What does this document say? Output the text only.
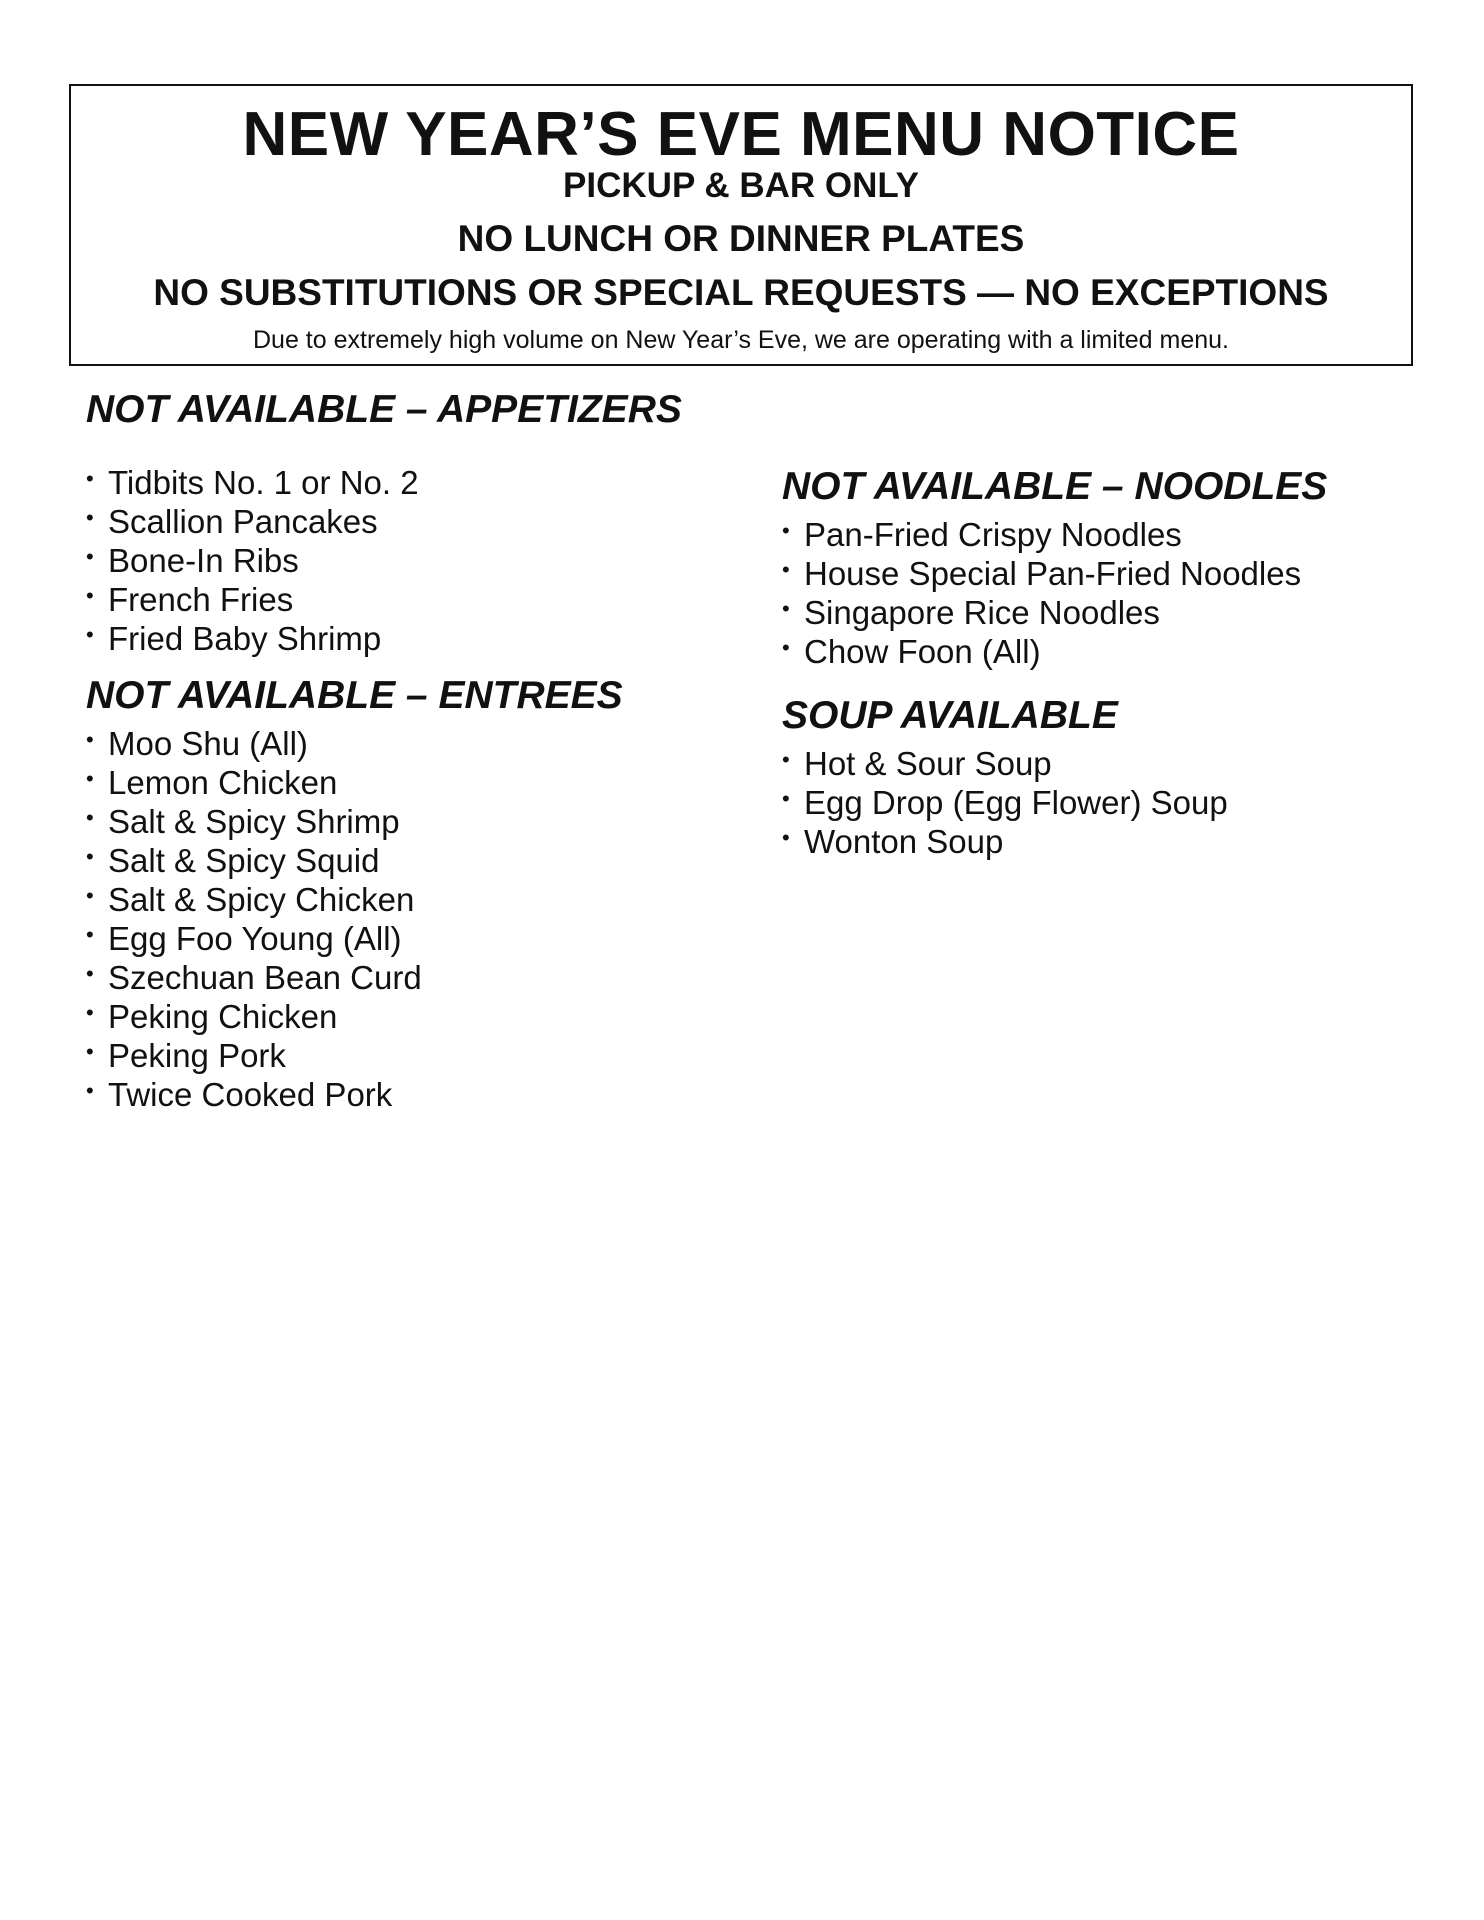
NEW YEAR’S EVE MENU NOTICE
PICKUP & BAR ONLY
NO LUNCH OR DINNER PLATES
NO SUBSTITUTIONS OR SPECIAL REQUESTS — NO EXCEPTIONS
Due to extremely high volume on New Year’s Eve, we are operating with a limited menu.
NOT AVAILABLE – APPETIZERS
• Tidbits No. 1 or No. 2
• Scallion Pancakes
• Bone-In Ribs
• French Fries
• Fried Baby Shrimp
NOT AVAILABLE – ENTREES
• Moo Shu (All)
• Lemon Chicken
• Salt & Spicy Shrimp
• Salt & Spicy Squid
• Salt & Spicy Chicken
• Egg Foo Young (All)
• Szechuan Bean Curd
• Peking Chicken
• Peking Pork
• Twice Cooked Pork
NOT AVAILABLE – NOODLES
• Pan-Fried Crispy Noodles
• House Special Pan-Fried Noodles
• Singapore Rice Noodles
• Chow Foon (All)
SOUP AVAILABLE
• Hot & Sour Soup
• Egg Drop (Egg Flower) Soup
• Wonton Soup
